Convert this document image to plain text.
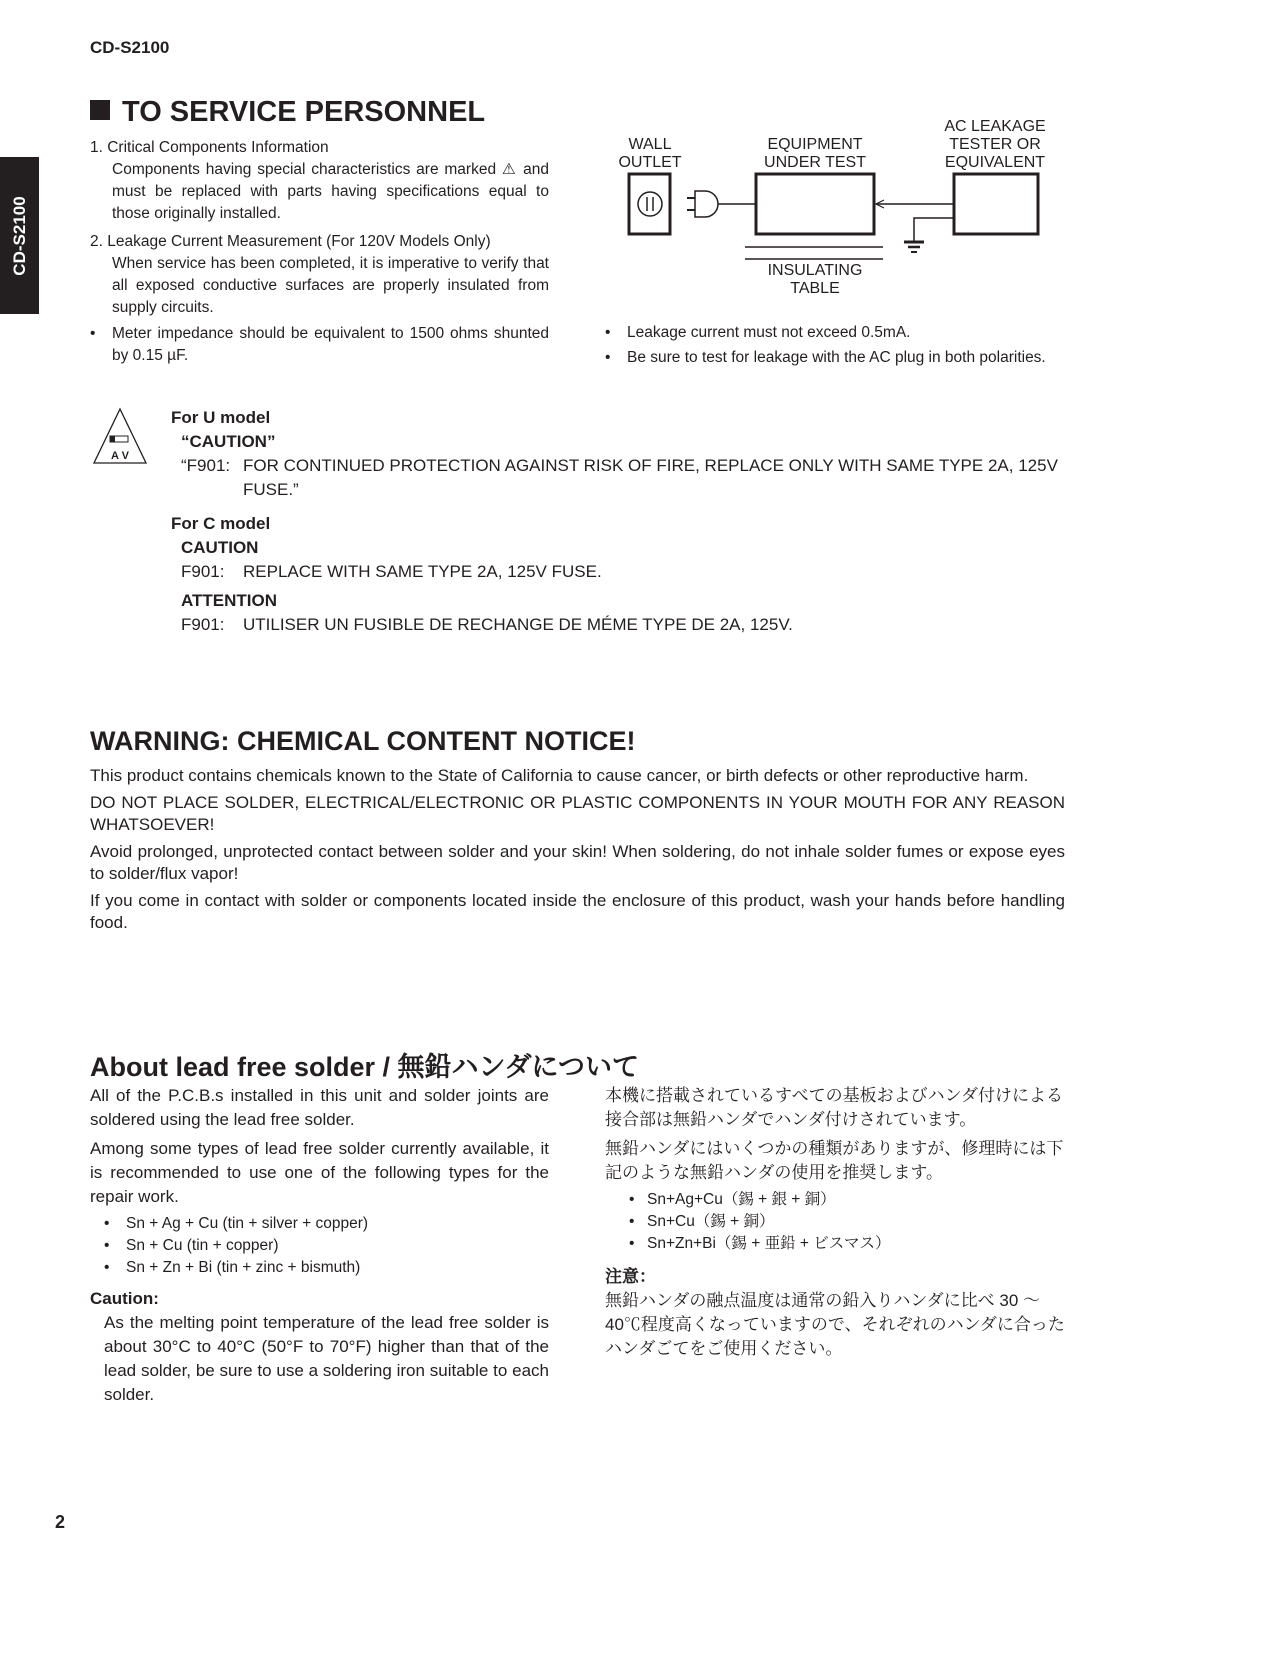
CD-S2100
CD-S2100
TO SERVICE PERSONNEL
1. Critical Components Information
Components having special characteristics are marked ⚠ and must be replaced with parts having specifications equal to those originally installed.
2. Leakage Current Measurement (For 120V Models Only)
When service has been completed, it is imperative to verify that all exposed conductive surfaces are properly insulated from supply circuits.
•	Meter impedance should be equivalent to 1500 ohms shunted by 0.15 µF.
WALL OUTLET
EQUIPMENT UNDER TEST
AC LEAKAGE TESTER OR EQUIVALENT
INSULATING TABLE
•	Leakage current must not exceed 0.5mA.
•	Be sure to test for leakage with the AC plug in both polarities.
A V
For U model
“CAUTION”
“F901: FOR CONTINUED PROTECTION AGAINST RISK OF FIRE, REPLACE ONLY WITH SAME TYPE 2A, 125V FUSE.”
For C model
CAUTION
F901:	REPLACE WITH SAME TYPE 2A, 125V FUSE.
ATTENTION
F901:	UTILISER UN FUSIBLE DE RECHANGE DE MÉME TYPE DE 2A, 125V.
WARNING: CHEMICAL CONTENT NOTICE!

This product contains chemicals known to the State of California to cause cancer, or birth defects or other reproductive harm.

DO NOT PLACE SOLDER, ELECTRICAL/ELECTRONIC OR PLASTIC COMPONENTS IN YOUR MOUTH FOR ANY REASON WHATSOEVER!

Avoid prolonged, unprotected contact between solder and your skin! When soldering, do not inhale solder fumes or expose eyes to solder/flux vapor!

If you come in contact with solder or components located inside the enclosure of this product, wash your hands before handling food.

About lead free solder / 無鉛ハンダについて
All of the P.C.B.s installed in this unit and solder joints are soldered using the lead free solder.
Among some types of lead free solder currently available, it is recommended to use one of the following types for the repair work.
•	Sn + Ag + Cu (tin + silver + copper)
•	Sn + Cu (tin + copper)
•	Sn + Zn + Bi (tin + zinc + bismuth)
Caution:
As the melting point temperature of the lead free solder is about 30°C to 40°C (50°F to 70°F) higher than that of the lead solder, be sure to use a soldering iron suitable to each solder.
本機に搭載されているすべての基板およびハンダ付けによる接合部は無鉛ハンダでハンダ付けされています。
無鉛ハンダにはいくつかの種類がありますが、修理時には下記のような無鉛ハンダの使用を推奨します。
• Sn+Ag+Cu（錫 + 銀 + 銅）
• Sn+Cu（錫 + 銅）
• Sn+Zn+Bi（錫 + 亜鉛 + ビスマス）
注意：
無鉛ハンダの融点温度は通常の鉛入りハンダに比べ 30 〜 40℃程度高くなっていますので、それぞれのハンダに合ったハンダごてをご使用ください。
2
